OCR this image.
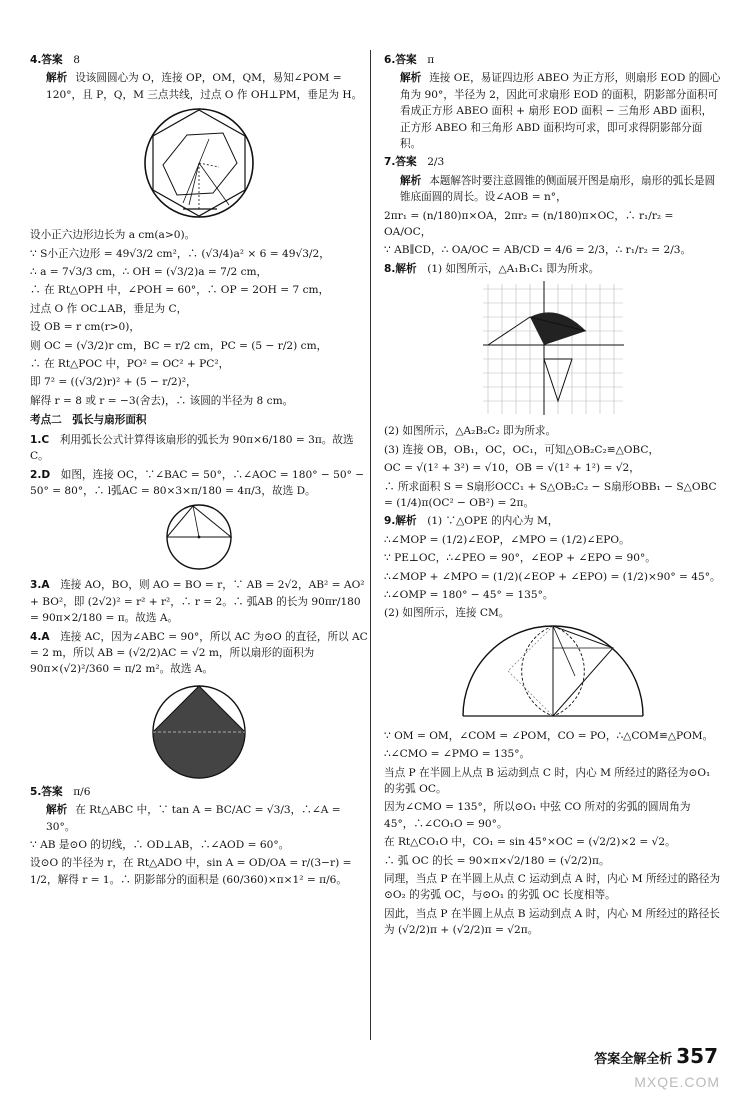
4.答案　 8

解析 设该圆圆心为 O，连接 OP，OM，QM，易知∠POM = 120°，且 P，Q，M 三点共线，过点 O 作 OH⊥PM，垂足为 H。

设小正六边形边长为 a cm(a>0)。

∵ S小正六边形 = 49√3/2 cm²，∴ (√3/4)a² × 6 = 49√3/2，

∴ a = 7√3/3 cm，∴ OH = (√3/2)a = 7/2 cm，

∴ 在 Rt△OPH 中，∠POH = 60°，∴ OP = 2OH = 7 cm，

过点 O 作 OC⊥AB，垂足为 C，

设 OB = r cm(r>0)，

则 OC = (√3/2)r cm，BC = r/2 cm，PC = (5 − r/2) cm，

∴ 在 Rt△POC 中，PO² = OC² + PC²，

即 7² = ((√3/2)r)² + (5 − r/2)²，

解得 r = 8 或 r = −3(舍去)，∴ 该圆的半径为 8 cm。

考点二　弧长与扇形面积

1.C　 利用弧长公式计算得该扇形的弧长为 90π×6/180 = 3π。故选 C。

2.D　 如图，连接 OC，∵∠BAC = 50°，∴∠AOC = 180° − 50° − 50° = 80°，∴ l弧AC = 80×3×π/180 = 4π/3，故选 D。

3.A　 连接 AO，BO，则 AO = BO = r，∵ AB = 2√2，AB² = AO² + BO²，即 (2√2)² = r² + r²，∴ r = 2。∴ 弧AB 的长为 90πr/180 = 90π×2/180 = π。故选 A。

4.A　 连接 AC，因为∠ABC = 90°，所以 AC 为⊙O 的直径，所以 AC = 2 m，所以 AB = (√2/2)AC = √2 m，所以扇形的面积为 90π×(√2)²/360 = π/2 m²。故选 A。

5.答案　 π/6

解析 在 Rt△ABC 中，∵ tan A = BC/AC = √3/3，∴∠A = 30°。

∵ AB 是⊙O 的切线，∴ OD⊥AB，∴∠AOD = 60°。

设⊙O 的半径为 r，在 Rt△ADO 中，sin A = OD/OA = r/(3−r) = 1/2，解得 r = 1。∴ 阴影部分的面积是 (60/360)×π×1² = π/6。

6.答案　 π

解析 连接 OE，易证四边形 ABEO 为正方形，则扇形 EOD 的圆心角为 90°，半径为 2，因此可求扇形 EOD 的面积，阴影部分面积可看成正方形 ABEO 面积 + 扇形 EOD 面积 − 三角形 ABD 面积，正方形 ABEO 和三角形 ABD 面积均可求，即可求得阴影部分面积。

7.答案　 2/3

解析 本题解答时要注意圆锥的侧面展开图是扇形，扇形的弧长是圆锥底面圆的周长。设∠AOB = n°，

2πr₁ = (n/180)π×OA，2πr₂ = (n/180)π×OC，∴ r₁/r₂ = OA/OC，

∵ AB∥CD，∴ OA/OC = AB/CD = 4/6 = 2/3，∴ r₁/r₂ = 2/3。

8.解析　 (1) 如图所示，△A₁B₁C₁ 即为所求。

(2) 如图所示，△A₂B₂C₂ 即为所求。

(3) 连接 OB，OB₁，OC，OC₁，可知△OB₂C₂≌△OBC，

OC = √(1² + 3²) = √10，OB = √(1² + 1²) = √2，

∴ 所求面积 S = S扇形OCC₁ + S△OB₂C₂ − S扇形OBB₁ − S△OBC = (1/4)π(OC² − OB²) = 2π。

9.解析　 (1) ∵△OPE 的内心为 M，

∴∠MOP = (1/2)∠EOP，∠MPO = (1/2)∠EPO。

∵ PE⊥OC，∴∠PEO = 90°，∠EOP + ∠EPO = 90°。

∴∠MOP + ∠MPO = (1/2)(∠EOP + ∠EPO) = (1/2)×90° = 45°。

∴∠OMP = 180° − 45° = 135°。

(2) 如图所示，连接 CM。

∵ OM = OM，∠COM = ∠POM，CO = PO，∴△COM≌△POM。

∴∠CMO = ∠PMO = 135°。

当点 P 在半圆上从点 B 运动到点 C 时，内心 M 所经过的路径为⊙O₁ 的劣弧 OC。

因为∠CMO = 135°，所以⊙O₁ 中弦 CO 所对的劣弧的圆周角为 45°，∴∠CO₁O = 90°。

在 Rt△CO₁O 中，CO₁ = sin 45°×OC = (√2/2)×2 = √2。

∴ 弧 OC 的长 = 90×π×√2/180 = (√2/2)π。

同理，当点 P 在半圆上从点 C 运动到点 A 时，内心 M 所经过的路径为⊙O₂ 的劣弧 OC，与⊙O₁ 的劣弧 OC 长度相等。

因此，当点 P 在半圆上从点 B 运动到点 A 时，内心 M 所经过的路径长为 (√2/2)π + (√2/2)π = √2π。

答案全解全析 357
MXQE.COM
